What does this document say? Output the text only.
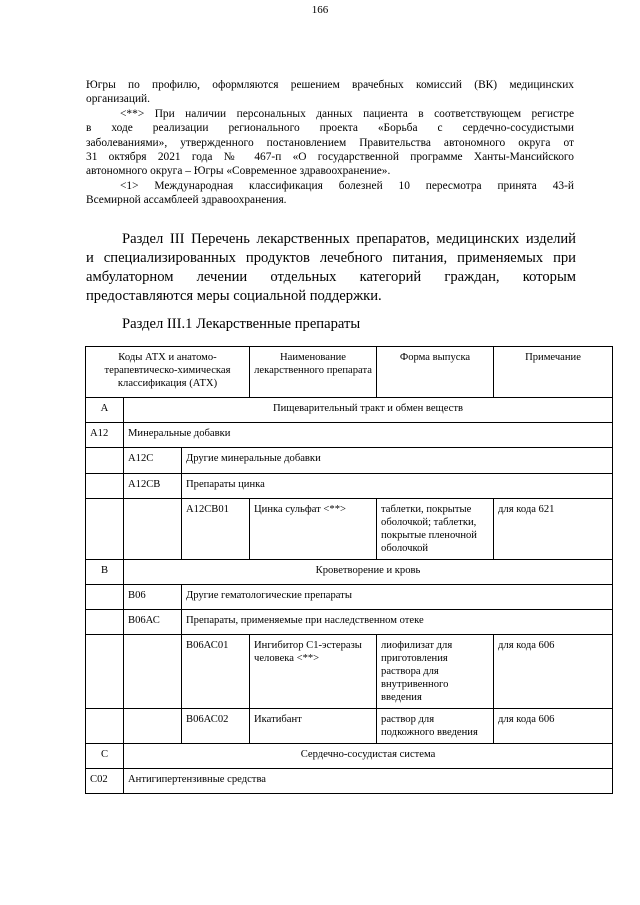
166

Югры по профилю, оформляются решением врачебных комиссий (ВК) медицинских

организаций.

<**> При наличии персональных данных пациента в соответствующем регистре

в ходе реализации регионального проекта «Борьба с сердечно-сосудистыми

заболеваниями», утвержденного постановлением Правительства автономного округа от

31 октября 2021 года № 467-п «О государственной программе Ханты-Мансийского

автономного округа – Югры «Современное здравоохранение».

<1> Международная классификация болезней 10 пересмотра принята 43-й

Всемирной ассамблеей здравоохранения.

Раздел III Перечень лекарственных препаратов, медицинских изделий

и специализированных продуктов лечебного питания, применяемых при

амбулаторном лечении отдельных категорий граждан, которым

предоставляются меры социальной поддержки.

Раздел III.1 Лекарственные препараты
Коды АТХ и анатомо-терапевтическо-химическая классификация (АТХ)			Наименование лекарственного препарата	Форма выпуска	Примечание
А	Пищеварительный тракт и обмен веществ				
А12	Минеральные добавки				
	А12С	Другие минеральные добавки			
	А12СВ	Препараты цинка			
		А12СВ01	Цинка сульфат <**>	таблетки, покрытые оболочкой; таблетки, покрытые пленочной оболочкой	для кода 621
В	Кроветворение и кровь				
	В06	Другие гематологические препараты			
	В06АС	Препараты, применяемые при наследственном отеке			
		В06АС01	Ингибитор С1-эстеразы человека <**>	лиофилизат для приготовления раствора для внутривенного введения	для кода 606
		В06АС02	Икатибант	раствор для подкожного введения	для кода 606
С	Сердечно-сосудистая система				
С02	Антигипертензивные средства				
